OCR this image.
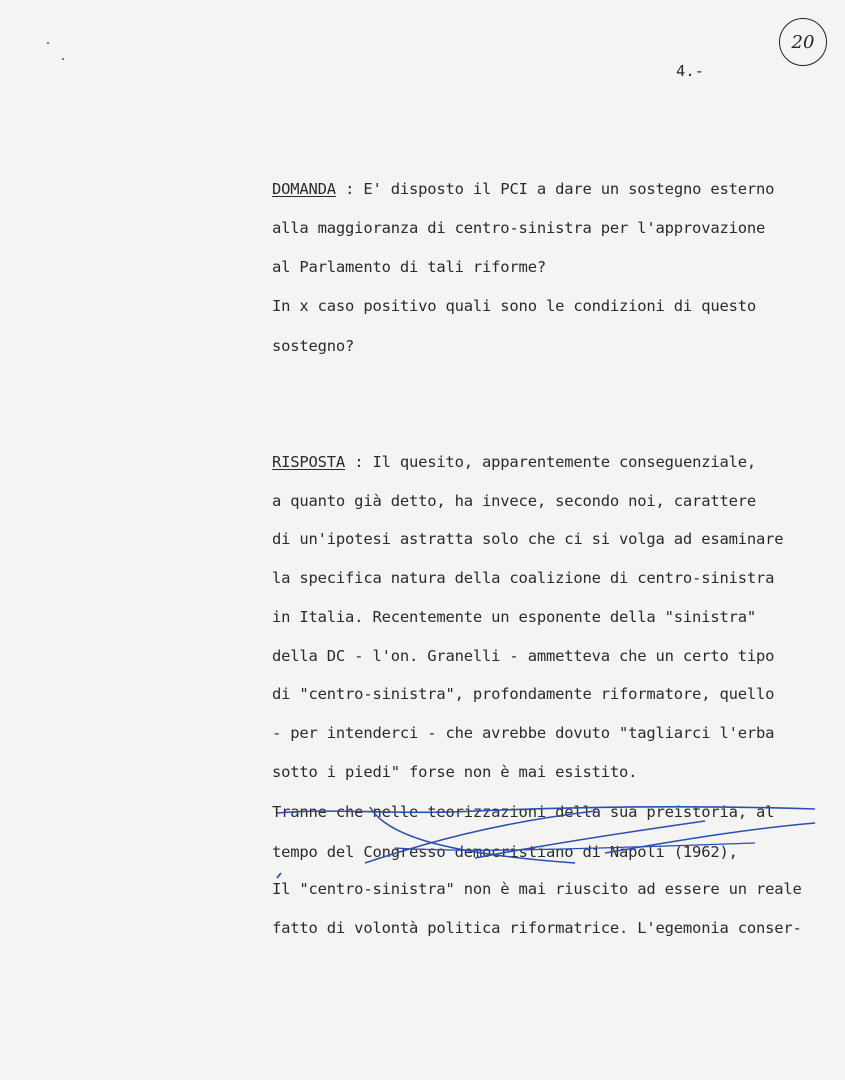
20
4.-
DOMANDA : E' disposto il PCI a dare un sostegno esterno
alla maggioranza di centro-sinistra per l'approvazione
al Parlamento di tali riforme?
In x caso positivo quali sono le condizioni di questo
sostegno?
RISPOSTA : Il quesito, apparentemente conseguenziale,
a quanto già detto, ha invece, secondo noi, carattere
di un'ipotesi astratta solo che ci si volga ad esaminare
la specifica natura della coalizione di centro-sinistra
in Italia. Recentemente un esponente della "sinistra"
della DC - l'on. Granelli - ammetteva che un certo tipo
di "centro-sinistra", profondamente riformatore, quello
- per intenderci - che avrebbe dovuto "tagliarci l'erba
sotto i piedi" forse non è mai esistito.
Tranne che nelle teorizzazioni della sua preistoria, al
tempo del Congresso democristiano di Napoli (1962),
Il "centro-sinistra" non è mai riuscito ad essere un reale
fatto di volontà politica riformatrice. L'egemonia conser-
